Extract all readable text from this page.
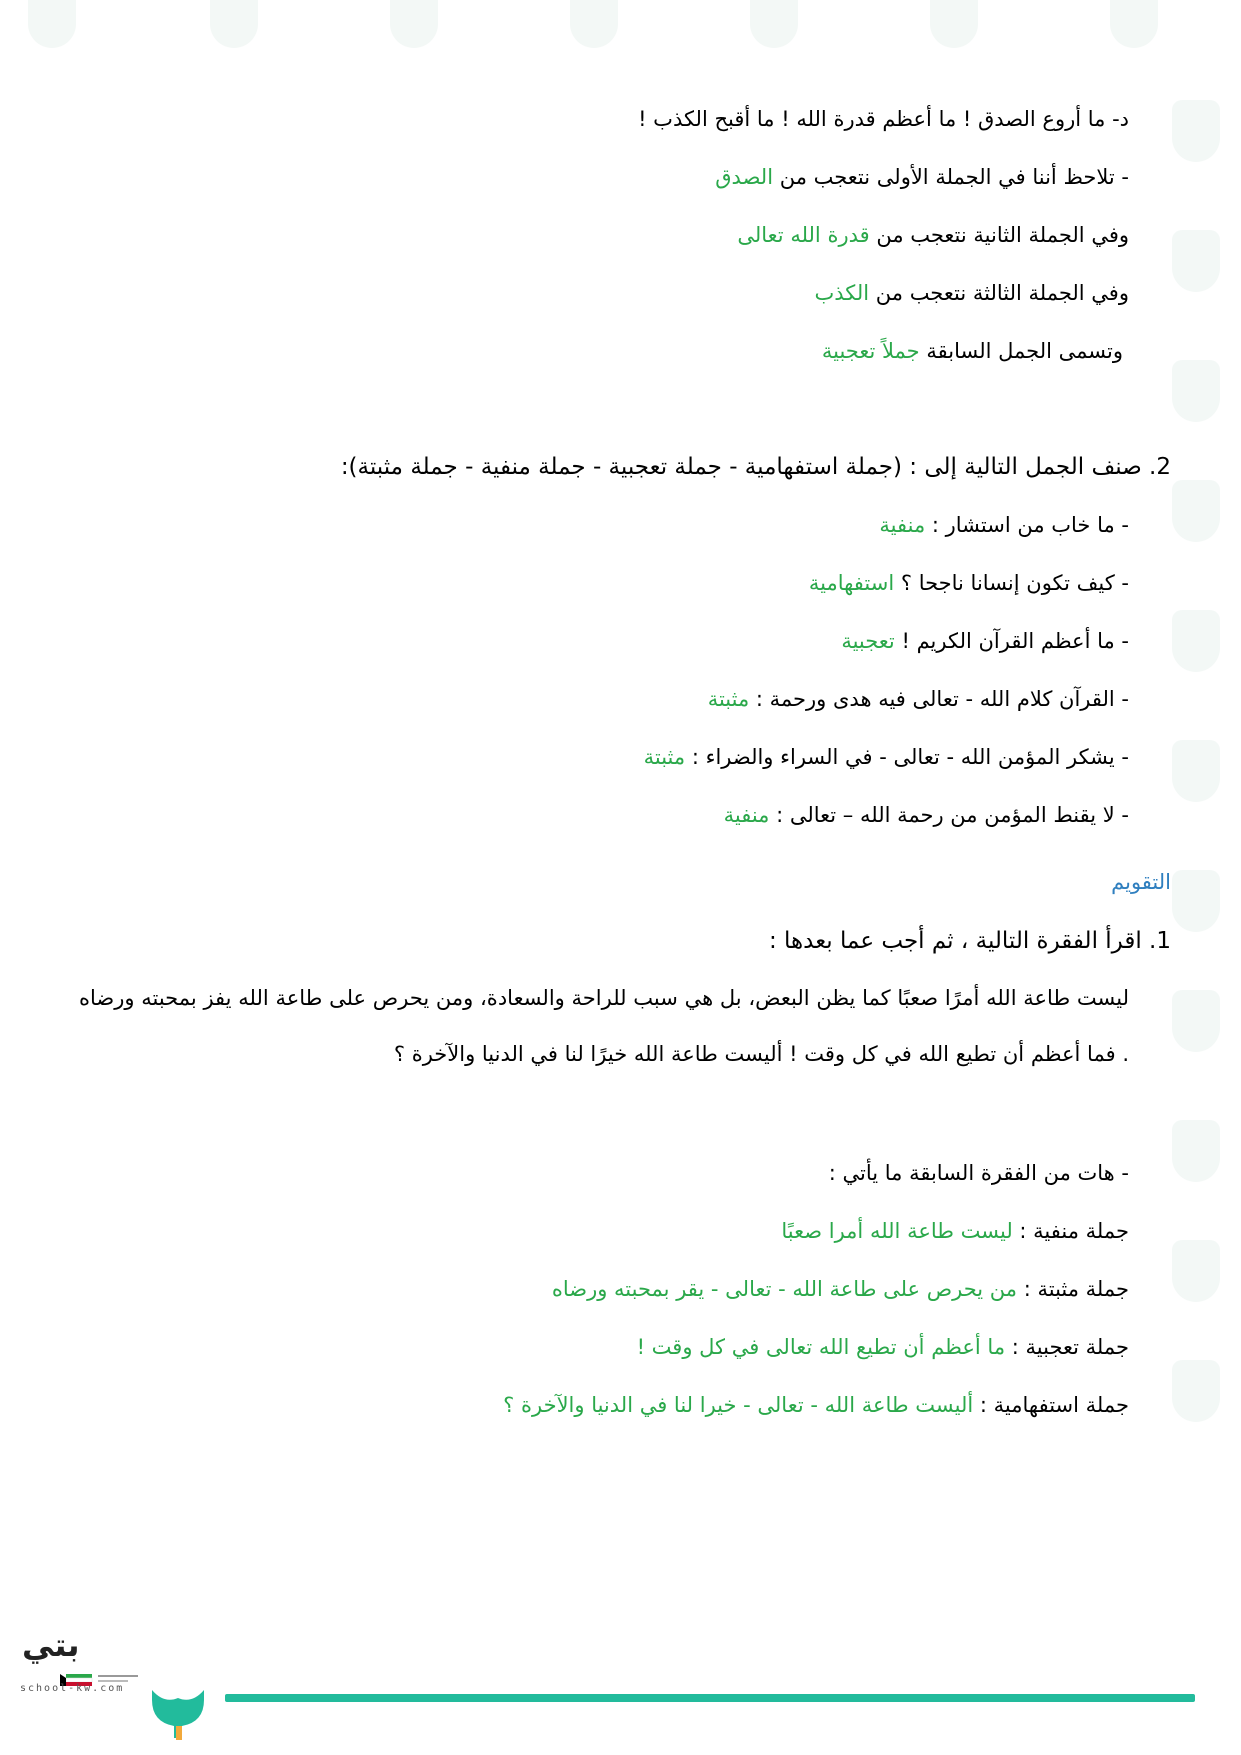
د- ما أروع الصدق ! ما أعظم قدرة الله ! ما أقبح الكذب !
- تلاحظ أننا في الجملة الأولى نتعجب من الصدق
وفي الجملة الثانية نتعجب من قدرة الله تعالى
وفي الجملة الثالثة نتعجب من الكذب
وتسمى الجمل السابقة جملاً تعجبية
2. صنف الجمل التالية إلى : (جملة استفهامية - جملة تعجبية - جملة منفية - جملة مثبتة):
- ما خاب من استشار : منفية
- كيف تكون إنسانا ناجحا ؟ استفهامية
- ما أعظم القرآن الكريم ! تعجبية
- القرآن كلام الله - تعالى فيه هدى ورحمة : مثبتة
- يشكر المؤمن الله - تعالى - في السراء والضراء : مثبتة
- لا يقنط المؤمن من رحمة الله – تعالى : منفية
التقويم
1. اقرأ الفقرة التالية ، ثم أجب عما بعدها :
ليست طاعة الله أمرًا صعبًا كما يظن البعض، بل هي سبب للراحة والسعادة، ومن يحرص على طاعة الله يفز بمحبته ورضاه . فما أعظم أن تطيع الله في كل وقت ! أليست طاعة الله خيرًا لنا في الدنيا والآخرة ؟
- هات من الفقرة السابقة ما يأتي :
جملة منفية : ليست طاعة الله أمرا صعبًا
جملة مثبتة : من يحرص على طاعة الله - تعالى - يقر بمحبته ورضاه
جملة تعجبية : ما أعظم أن تطيع الله تعالى في كل وقت !
جملة استفهامية : أليست طاعة الله - تعالى - خيرا لنا في الدنيا والآخرة ؟
بتي
school-kw.com
